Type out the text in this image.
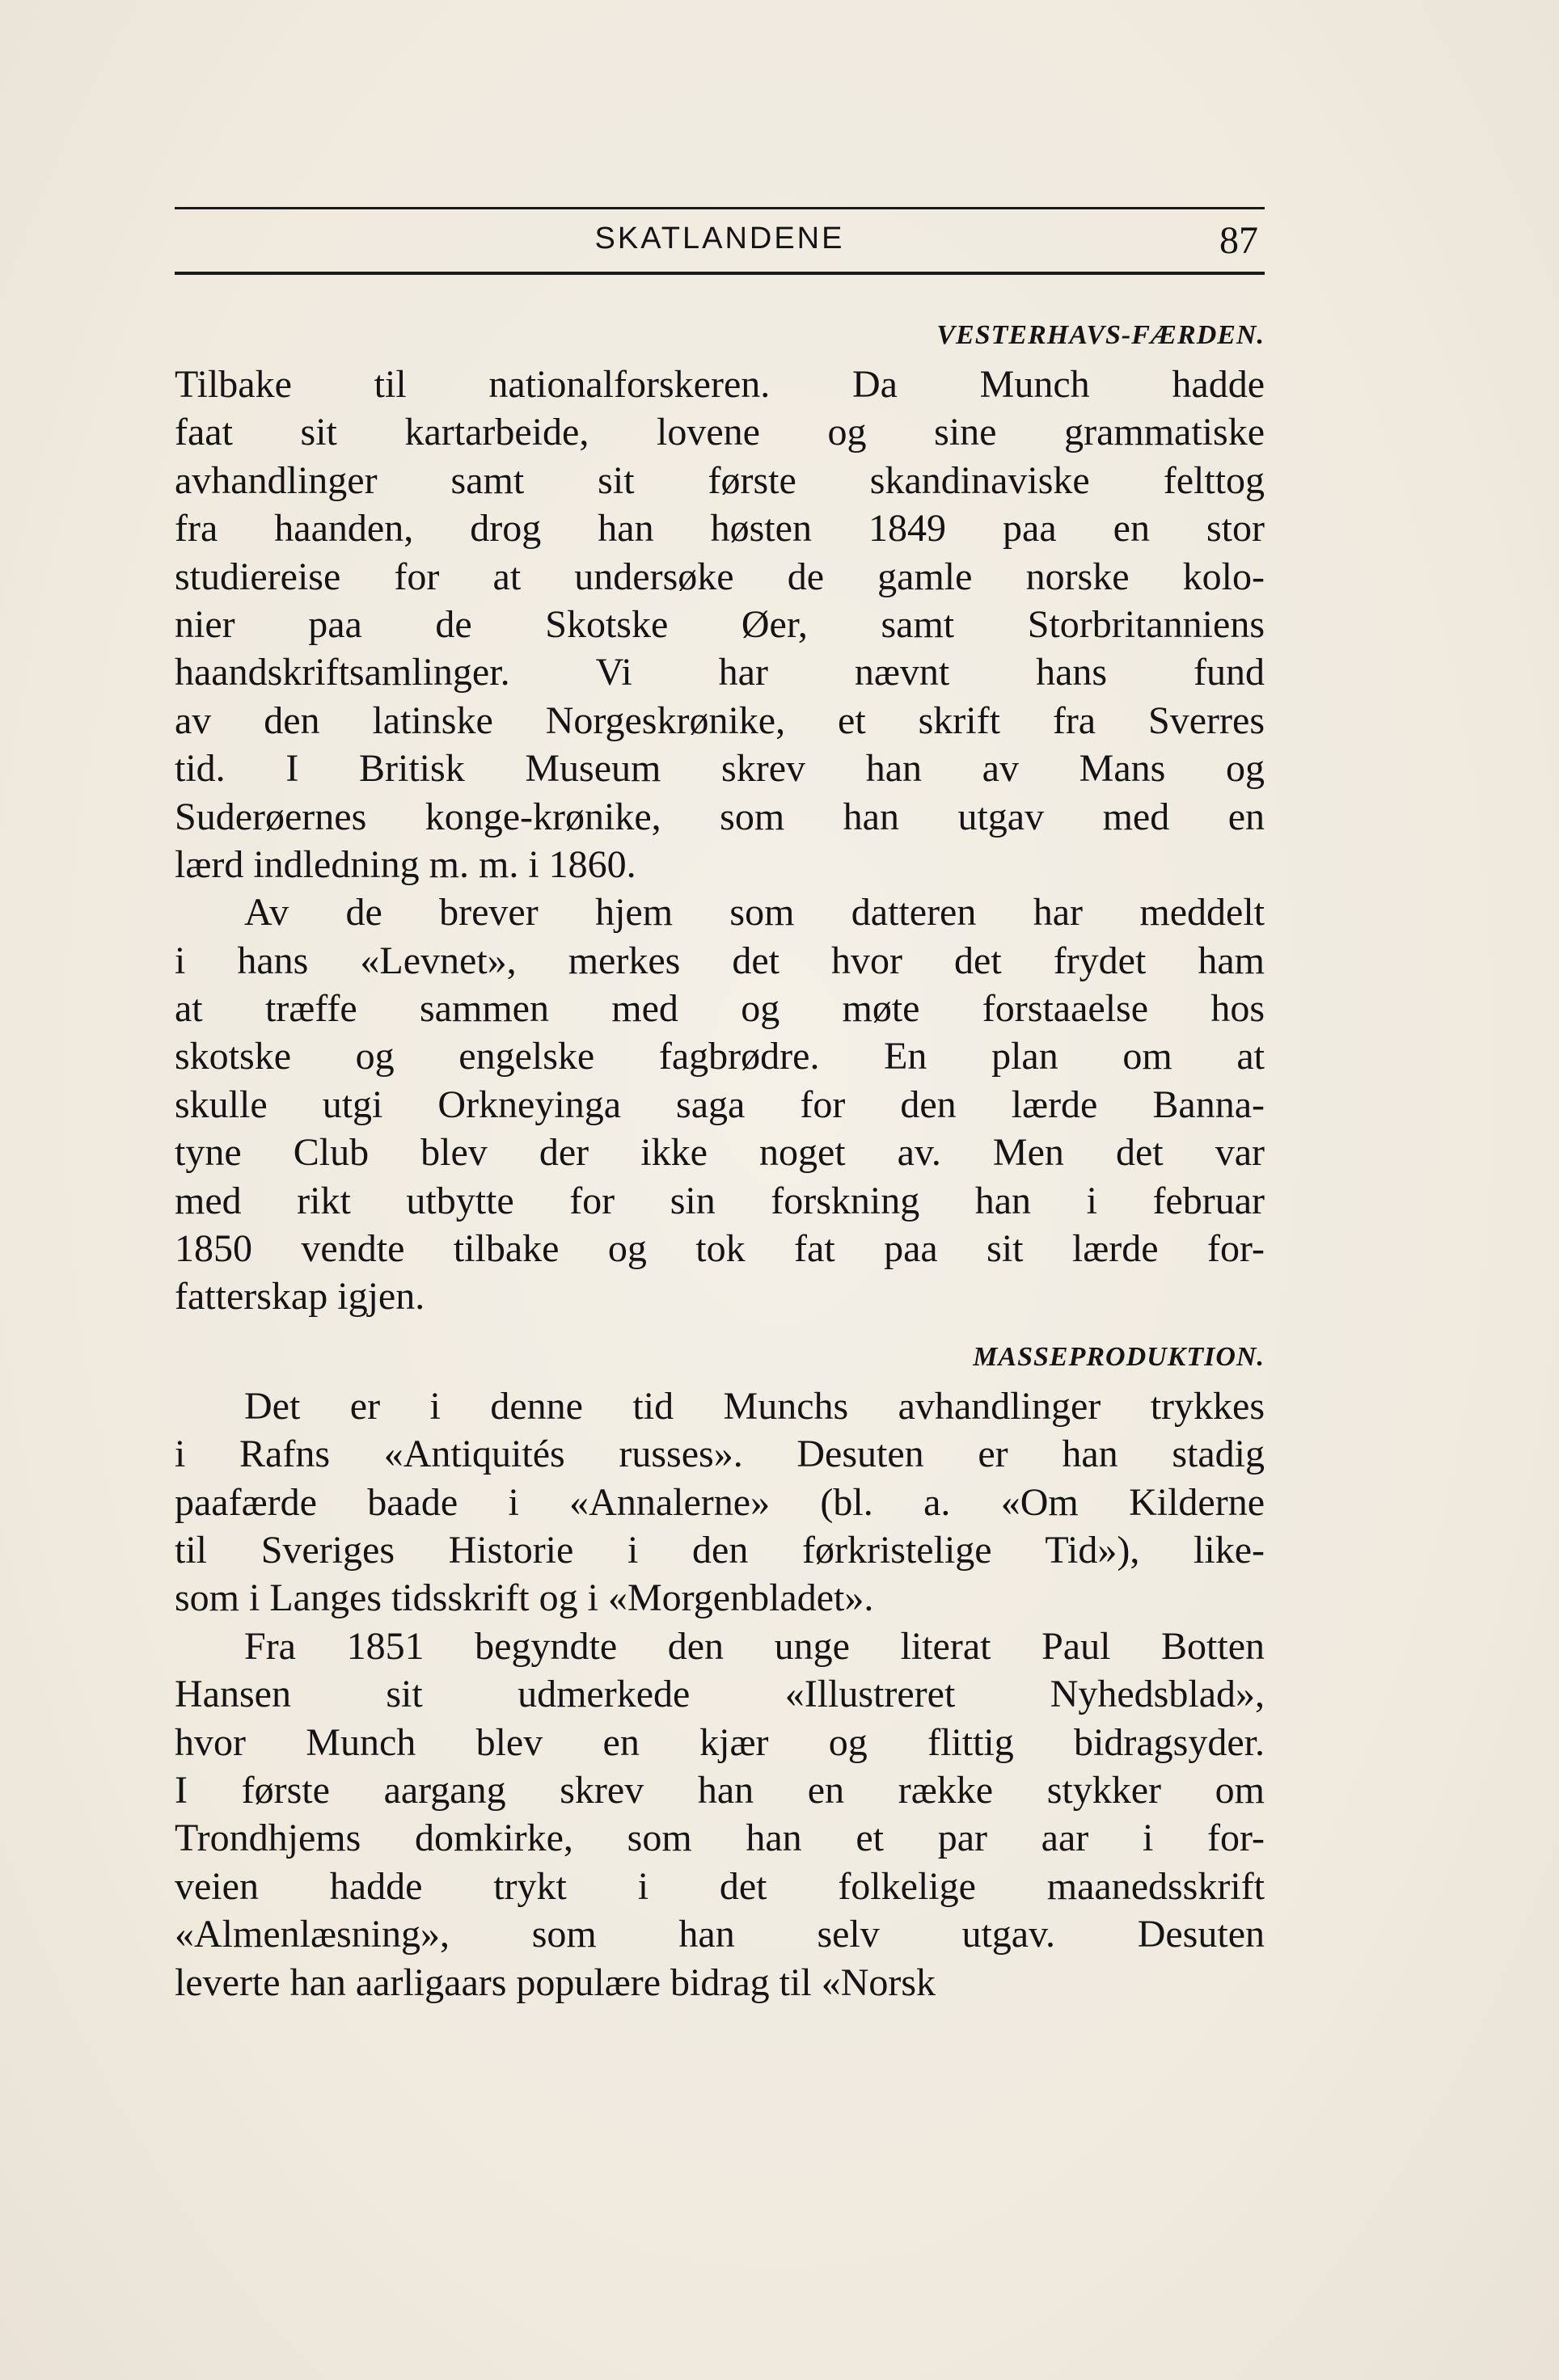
SKATLANDENE	87
VESTERHAVS-FÆRDEN.
Tilbake til nationalforskeren. Da Munch hadde
faat sit kartarbeide, lovene og sine grammatiske
avhandlinger samt sit første skandinaviske felttog
fra haanden, drog han høsten 1849 paa en stor
studiereise for at undersøke de gamle norske kolo-
nier paa de Skotske Øer, samt Storbritanniens
haandskriftsamlinger. Vi har nævnt hans fund
av den latinske Norgeskrønike, et skrift fra Sverres
tid. I Britisk Museum skrev han av Mans og
Suderøernes konge-krønike, som han utgav med en
lærd indledning m. m. i 1860.
Av de brever hjem som datteren har meddelt
i hans «Levnet», merkes det hvor det frydet ham
at træffe sammen med og møte forstaaelse hos
skotske og engelske fagbrødre. En plan om at
skulle utgi Orkneyinga saga for den lærde Banna-
tyne Club blev der ikke noget av. Men det var
med rikt utbytte for sin forskning han i februar
1850 vendte tilbake og tok fat paa sit lærde for-
fatterskap igjen.
MASSEPRODUKTION.
Det er i denne tid Munchs avhandlinger trykkes
i Rafns «Antiquités russes». Desuten er han stadig
paafærde baade i «Annalerne» (bl. a. «Om Kilderne
til Sveriges Historie i den førkristelige Tid»), like-
som i Langes tidsskrift og i «Morgenbladet».
Fra 1851 begyndte den unge literat Paul Botten
Hansen sit udmerkede «Illustreret Nyhedsblad»,
hvor Munch blev en kjær og flittig bidragsyder.
I første aargang skrev han en række stykker om
Trondhjems domkirke, som han et par aar i for-
veien hadde trykt i det folkelige maanedsskrift
«Almenlæsning», som han selv utgav. Desuten
leverte han aarligaars populære bidrag til «Norsk
